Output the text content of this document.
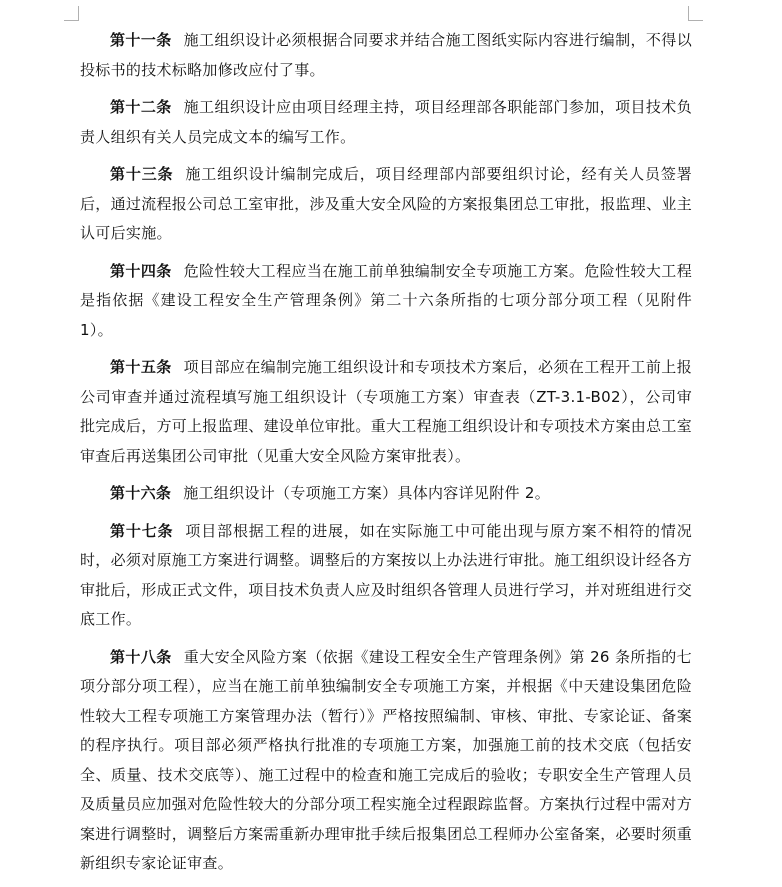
第十一条 施工组织设计必须根据合同要求并结合施工图纸实际内容进行编制，不得以投标书的技术标略加修改应付了事。

第十二条 施工组织设计应由项目经理主持，项目经理部各职能部门参加，项目技术负责人组织有关人员完成文本的编写工作。

第十三条 施工组织设计编制完成后，项目经理部内部要组织讨论，经有关人员签署后，通过流程报公司总工室审批，涉及重大安全风险的方案报集团总工审批，报监理、业主认可后实施。

第十四条 危险性较大工程应当在施工前单独编制安全专项施工方案。危险性较大工程是指依据《建设工程安全生产管理条例》第二十六条所指的七项分部分项工程（见附件 1）。

第十五条 项目部应在编制完施工组织设计和专项技术方案后，必须在工程开工前上报公司审查并通过流程填写施工组织设计（专项施工方案）审查表（ZT-3.1-B02），公司审批完成后，方可上报监理、建设单位审批。重大工程施工组织设计和专项技术方案由总工室审查后再送集团公司审批（见重大安全风险方案审批表）。

第十六条 施工组织设计（专项施工方案）具体内容详见附件 2。

第十七条 项目部根据工程的进展，如在实际施工中可能出现与原方案不相符的情况时，必须对原施工方案进行调整。调整后的方案按以上办法进行审批。施工组织设计经各方审批后，形成正式文件，项目技术负责人应及时组织各管理人员进行学习，并对班组进行交底工作。

第十八条 重大安全风险方案（依据《建设工程安全生产管理条例》第 26 条所指的七项分部分项工程），应当在施工前单独编制安全专项施工方案，并根据《中天建设集团危险性较大工程专项施工方案管理办法（暂行）》严格按照编制、审核、审批、专家论证、备案的程序执行。项目部必须严格执行批准的专项施工方案，加强施工前的技术交底（包括安全、质量、技术交底等）、施工过程中的检查和施工完成后的验收；专职安全生产管理人员及质量员应加强对危险性较大的分部分项工程实施全过程跟踪监督。方案执行过程中需对方案进行调整时，调整后方案需重新办理审批手续后报集团总工程师办公室备案，必要时须重新组织专家论证审查。
